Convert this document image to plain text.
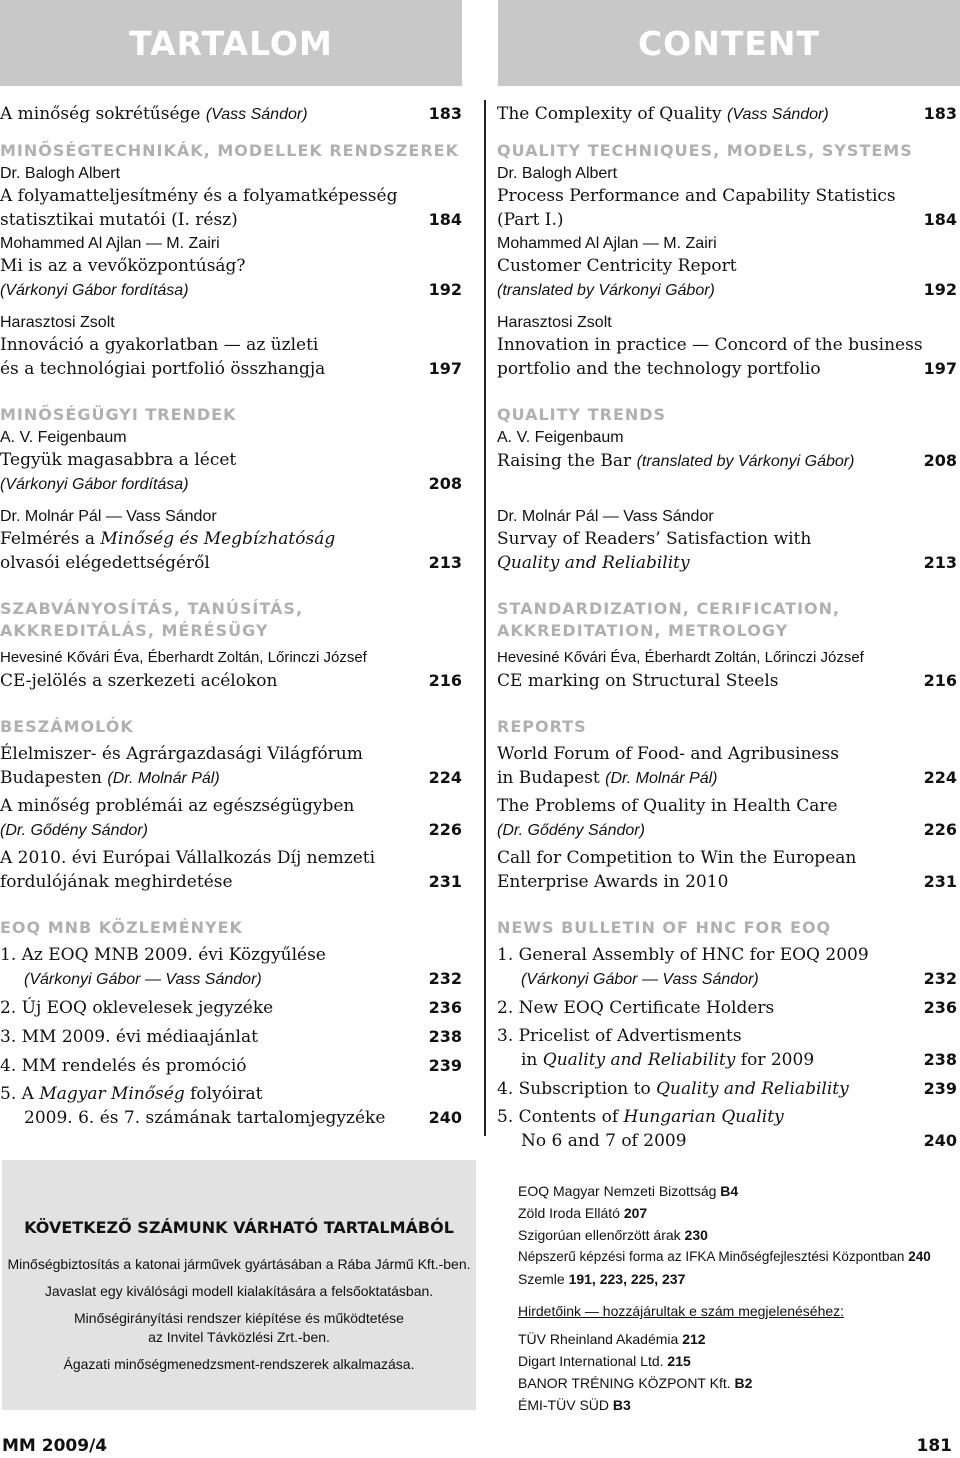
TARTALOM	CONTENT
A minőség sokrétűsége (Vass Sándor)	183
MINŐSÉGTECHNIKÁK, MODELLEK RENDSZEREK
Dr. Balogh Albert
A folyamatteljesítmény és a folyamatképesség
statisztikai mutatói (I. rész)	184
Mohammed Al Ajlan — M. Zairi
Mi is az a vevőközpontúság?
(Várkonyi Gábor fordítása)	192
Harasztosi Zsolt
Innováció a gyakorlatban — az üzleti
és a technológiai portfolió összhangja	197
MINŐSÉGÜGYI TRENDEK
A. V. Feigenbaum
Tegyük magasabbra a lécet
(Várkonyi Gábor fordítása)	208
Dr. Molnár Pál — Vass Sándor
Felmérés a Minőség és Megbízhatóság
olvasói elégedettségéről	213
SZABVÁNYOSÍTÁS, TANÚSÍTÁS,
AKKREDITÁLÁS, MÉRÉSÜGY
Hevesiné Kővári Éva, Éberhardt Zoltán, Lőrinczi József
CE-jelölés a szerkezeti acélokon	216
BESZÁMOLÓK
Élelmiszer- és Agrárgazdasági Világfórum
Budapesten (Dr. Molnár Pál)	224
A minőség problémái az egészségügyben
(Dr. Gődény Sándor)	226
A 2010. évi Európai Vállalkozás Díj nemzeti
fordulójának meghirdetése	231
EOQ MNB KÖZLEMÉNYEK
1. Az EOQ MNB 2009. évi Közgyűlése
(Várkonyi Gábor — Vass Sándor)	232
2. Új EOQ oklevelesek jegyzéke	236
3. MM 2009. évi médiaajánlat	238
4. MM rendelés és promóció	239
5. A Magyar Minőség folyóirat
2009. 6. és 7. számának tartalomjegyzéke	240
The Complexity of Quality (Vass Sándor)	183
QUALITY TECHNIQUES, MODELS, SYSTEMS
Dr. Balogh Albert
Process Performance and Capability Statistics
(Part I.)	184
Mohammed Al Ajlan — M. Zairi
Customer Centricity Report
(translated by Várkonyi Gábor)	192
Harasztosi Zsolt
Innovation in practice — Concord of the business
portfolio and the technology portfolio	197
QUALITY TRENDS
A. V. Feigenbaum
Raising the Bar (translated by Várkonyi Gábor)	208
Dr. Molnár Pál — Vass Sándor
Survay of Readers’ Satisfaction with
Quality and Reliability	213
STANDARDIZATION, CERIFICATION,
AKKREDITATION, METROLOGY
Hevesiné Kővári Éva, Éberhardt Zoltán, Lőrinczi József
CE marking on Structural Steels	216
REPORTS
World Forum of Food- and Agribusiness
in Budapest (Dr. Molnár Pál)	224
The Problems of Quality in Health Care
(Dr. Gődény Sándor)	226
Call for Competition to Win the European
Enterprise Awards in 2010	231
NEWS BULLETIN OF HNC FOR EOQ
1. General Assembly of HNC for EOQ 2009
(Várkonyi Gábor — Vass Sándor)	232
2. New EOQ Certificate Holders	236
3. Pricelist of Advertisments
in Quality and Reliability for 2009	238
4. Subscription to Quality and Reliability	239
5. Contents of Hungarian Quality
No 6 and 7 of 2009	240
KÖVETKEZŐ SZÁMUNK VÁRHATÓ TARTALMÁBÓL

Minőségbiztosítás a katonai járművek gyártásában a Rába Jármű Kft.-ben.

Javaslat egy kiválósági modell kialakítására a felsőoktatásban.

Minőségirányítási rendszer kiépítése és működtetése

az Invitel Távközlési Zrt.-ben.

Ágazati minőségmenedzsment-rendszerek alkalmazása.

EOQ Magyar Nemzeti Bizottság B4
Zöld Iroda Ellátó 207
Szigorúan ellenőrzött árak 230
Népszerű képzési forma az IFKA Minőségfejlesztési Központban 240
Szemle 191, 223, 225, 237
Hirdetőink — hozzájárultak e szám megjelenéséhez:
TÜV Rheinland Akadémia 212
Digart International Ltd. 215
BANOR TRÉNING KÖZPONT Kft. B2
ÉMI-TÜV SÜD B3
MM 2009/4	181
